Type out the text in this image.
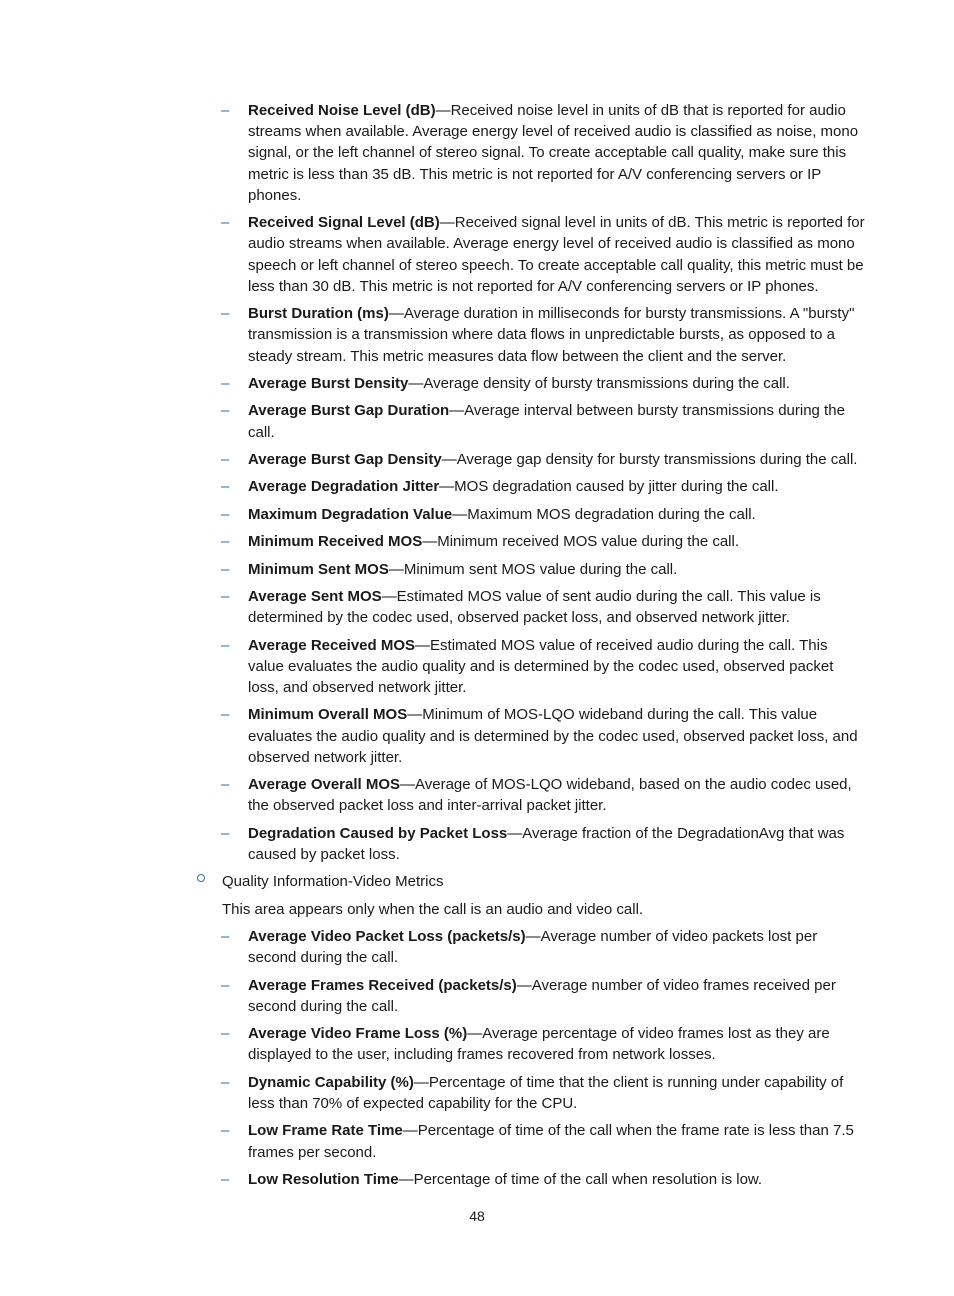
– Received Noise Level (dB)—Received noise level in units of dB that is reported for audio streams when available. Average energy level of received audio is classified as noise, mono signal, or the left channel of stereo signal. To create acceptable call quality, make sure this metric is less than 35 dB. This metric is not reported for A/V conferencing servers or IP phones.
– Received Signal Level (dB)—Received signal level in units of dB. This metric is reported for audio streams when available. Average energy level of received audio is classified as mono speech or left channel of stereo speech. To create acceptable call quality, this metric must be less than 30 dB. This metric is not reported for A/V conferencing servers or IP phones.
– Burst Duration (ms)—Average duration in milliseconds for bursty transmissions. A "bursty" transmission is a transmission where data flows in unpredictable bursts, as opposed to a steady stream. This metric measures data flow between the client and the server.
– Average Burst Density—Average density of bursty transmissions during the call.
– Average Burst Gap Duration—Average interval between bursty transmissions during the call.
– Average Burst Gap Density—Average gap density for bursty transmissions during the call.
– Average Degradation Jitter—MOS degradation caused by jitter during the call.
– Maximum Degradation Value—Maximum MOS degradation during the call.
– Minimum Received MOS—Minimum received MOS value during the call.
– Minimum Sent MOS—Minimum sent MOS value during the call.
– Average Sent MOS—Estimated MOS value of sent audio during the call. This value is determined by the codec used, observed packet loss, and observed network jitter.
– Average Received MOS—Estimated MOS value of received audio during the call. This value evaluates the audio quality and is determined by the codec used, observed packet loss, and observed network jitter.
– Minimum Overall MOS—Minimum of MOS-LQO wideband during the call. This value evaluates the audio quality and is determined by the codec used, observed packet loss, and observed network jitter.
– Average Overall MOS—Average of MOS-LQO wideband, based on the audio codec used, the observed packet loss and inter-arrival packet jitter.
– Degradation Caused by Packet Loss—Average fraction of the DegradationAvg that was caused by packet loss.
Quality Information-Video Metrics
This area appears only when the call is an audio and video call.
– Average Video Packet Loss (packets/s)—Average number of video packets lost per second during the call.
– Average Frames Received (packets/s)—Average number of video frames received per second during the call.
– Average Video Frame Loss (%)—Average percentage of video frames lost as they are displayed to the user, including frames recovered from network losses.
– Dynamic Capability (%)—Percentage of time that the client is running under capability of less than 70% of expected capability for the CPU.
– Low Frame Rate Time—Percentage of time of the call when the frame rate is less than 7.5 frames per second.
– Low Resolution Time—Percentage of time of the call when resolution is low.
48
